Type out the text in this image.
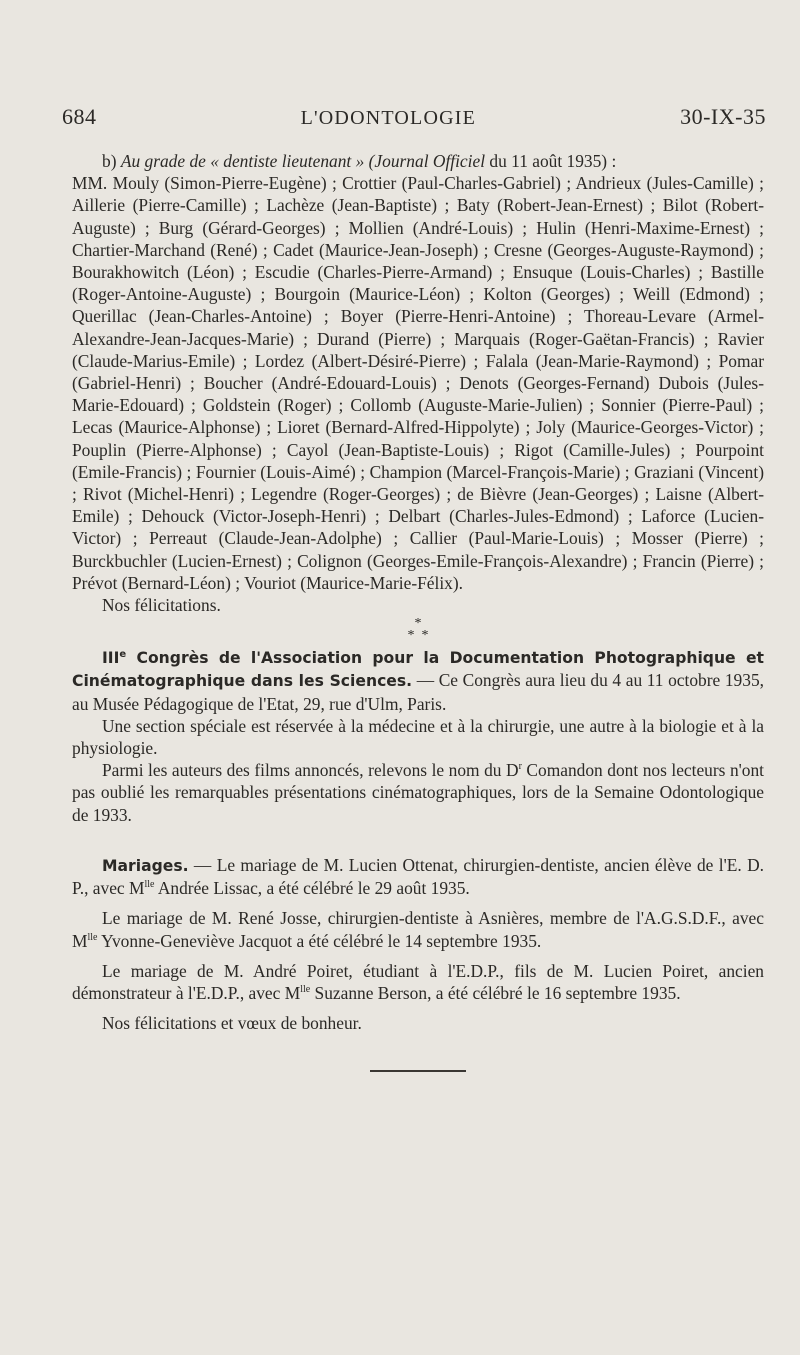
684	L'ODONTOLOGIE	30-IX-35

b) Au grade de « dentiste lieutenant » (Journal Officiel du 11 août 1935) :

MM. Mouly (Simon-Pierre-Eugène) ; Crottier (Paul-Charles-Gabriel) ; Andrieux (Jules-Camille) ; Aillerie (Pierre-Camille) ; Lachèze (Jean-Baptiste) ; Baty (Robert-Jean-Ernest) ; Bilot (Robert-Auguste) ; Burg (Gérard-Georges) ; Mollien (André-Louis) ; Hulin (Henri-Maxime-Ernest) ; Chartier-Marchand (René) ; Cadet (Maurice-Jean-Joseph) ; Cresne (Georges-Auguste-Raymond) ; Bourakhowitch (Léon) ; Escudie (Charles-Pierre-Armand) ; Ensuque (Louis-Charles) ; Bastille (Roger-Antoine-Auguste) ; Bourgoin (Maurice-Léon) ; Kolton (Georges) ; Weill (Edmond) ; Querillac (Jean-Charles-Antoine) ; Boyer (Pierre-Henri-Antoine) ; Thoreau-Levare (Armel-Alexandre-Jean-Jacques-Marie) ; Durand (Pierre) ; Marquais (Roger-Gaëtan-Francis) ; Ravier (Claude-Marius-Emile) ; Lordez (Albert-Désiré-Pierre) ; Falala (Jean-Marie-Raymond) ; Pomar (Gabriel-Henri) ; Boucher (André-Edouard-Louis) ; Denots (Georges-Fernand) Dubois (Jules-Marie-Edouard) ; Goldstein (Roger) ; Collomb (Auguste-Marie-Julien) ; Sonnier (Pierre-Paul) ; Lecas (Maurice-Alphonse) ; Lioret (Bernard-Alfred-Hippolyte) ; Joly (Maurice-Georges-Victor) ; Pouplin (Pierre-Alphonse) ; Cayol (Jean-Baptiste-Louis) ; Rigot (Camille-Jules) ; Pourpoint (Emile-Francis) ; Fournier (Louis-Aimé) ; Champion (Marcel-François-Marie) ; Graziani (Vincent) ; Rivot (Michel-Henri) ; Legendre (Roger-Georges) ; de Bièvre (Jean-Georges) ; Laisne (Albert-Emile) ; Dehouck (Victor-Joseph-Henri) ; Delbart (Charles-Jules-Edmond) ; Laforce (Lucien-Victor) ; Perreaut (Claude-Jean-Adolphe) ; Callier (Paul-Marie-Louis) ; Mosser (Pierre) ; Burckbuchler (Lucien-Ernest) ; Colignon (Georges-Emile-François-Alexandre) ; Francin (Pierre) ; Prévot (Bernard-Léon) ; Vouriot (Maurice-Marie-Félix).

Nos félicitations.

*
*  *

IIIe Congrès de l'Association pour la Documentation Photographique et Cinématographique dans les Sciences. — Ce Congrès aura lieu du 4 au 11 octobre 1935, au Musée Pédagogique de l'Etat, 29, rue d'Ulm, Paris.

Une section spéciale est réservée à la médecine et à la chirurgie, une autre à la biologie et à la physiologie.

Parmi les auteurs des films annoncés, relevons le nom du $D^r$ Comandon dont nos lecteurs n'ont pas oublié les remarquables présentations cinématographiques, lors de la Semaine Odontologique de 1933.

Mariages. — Le mariage de M. Lucien Ottenat, chirurgien-dentiste, ancien élève de l'E. D. P., avec $M^{lle}$ Andrée Lissac, a été célébré le 29 août 1935.

Le mariage de M. René Josse, chirurgien-dentiste à Asnières, membre de l'A.G.S.D.F., avec $M^{lle}$ Yvonne-Geneviève Jacquot a été célébré le 14 septembre 1935.

Le mariage de M. André Poiret, étudiant à l'E.D.P., fils de M. Lucien Poiret, ancien démonstrateur à l'E.D.P., avec $M^{lle}$ Suzanne Berson, a été célébré le 16 septembre 1935.

Nos félicitations et vœux de bonheur.
